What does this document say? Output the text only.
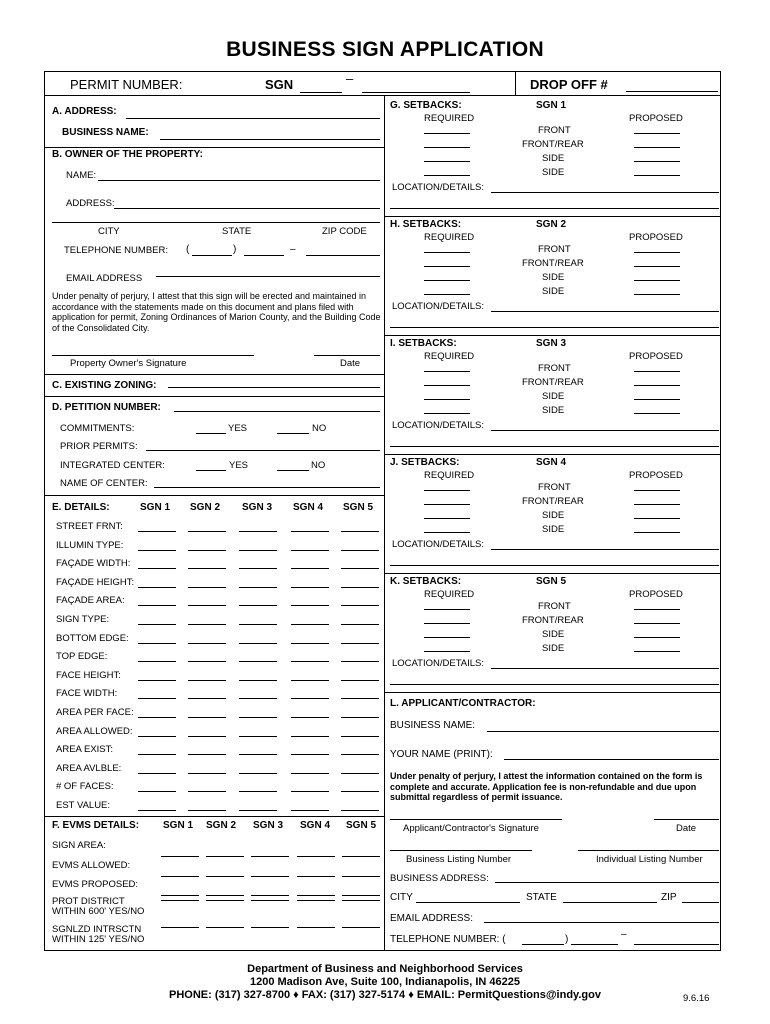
BUSINESS SIGN APPLICATION
PERMIT NUMBER:	SGN	–	DROP OFF #
A. ADDRESS:
BUSINESS NAME:
B. OWNER OF THE PROPERTY:
NAME:
ADDRESS:
CITY	STATE	ZIP CODE
TELEPHONE NUMBER: (	)	–
EMAIL ADDRESS
Under penalty of perjury, I attest that this sign will be erected and maintained in accordance with the statements made on this document and plans filed with application for permit, Zoning Ordinances of Marion County, and the Building Code of the Consolidated City.
Property Owner's Signature	Date
C. EXISTING ZONING:
D. PETITION NUMBER:
COMMITMENTS:	YES	NO
PRIOR PERMITS:
INTEGRATED CENTER:	YES	NO
NAME OF CENTER:
E. DETAILS:	SGN 1 SGN 2 SGN 3 SGN 4 SGN 5
STREET FRNT:
ILLUMIN TYPE:
FAÇADE WIDTH:
FAÇADE HEIGHT:
FAÇADE AREA:
SIGN TYPE:
BOTTOM EDGE:
TOP EDGE:
FACE HEIGHT:
FACE WIDTH:
AREA PER FACE:
AREA ALLOWED:
AREA EXIST:
AREA AVLBLE:
# OF FACES:
EST VALUE:
F. EVMS DETAILS: SGN 1 SGN 2 SGN 3 SGN 4 SGN 5
SIGN AREA:
EVMS ALLOWED:
EVMS PROPOSED:
PROT DISTRICT
WITHIN 600' YES/NO
SGNLZD INTRSCTN
WITHIN 125' YES/NO
G. SETBACKS:	SGN 1
REQUIRED	PROPOSED
FRONT
FRONT/REAR
SIDE
SIDE
LOCATION/DETAILS:
H. SETBACKS:	SGN 2
REQUIRED	PROPOSED
FRONT
FRONT/REAR
SIDE
SIDE
LOCATION/DETAILS:
I. SETBACKS:	SGN 3
REQUIRED	PROPOSED
FRONT
FRONT/REAR
SIDE
SIDE
LOCATION/DETAILS:
J. SETBACKS:	SGN 4
REQUIRED	PROPOSED
FRONT
FRONT/REAR
SIDE
SIDE
LOCATION/DETAILS:
K. SETBACKS:	SGN 5
REQUIRED	PROPOSED
FRONT
FRONT/REAR
SIDE
SIDE
LOCATION/DETAILS:
L. APPLICANT/CONTRACTOR:
BUSINESS NAME:
YOUR NAME (PRINT):
Under penalty of perjury, I attest the information contained on the form is complete and accurate. Application fee is non-refundable and due upon submittal regardless of permit issuance.
Applicant/Contractor's Signature	Date
Business Listing Number	Individual Listing Number
BUSINESS ADDRESS:
CITY	STATE	ZIP
EMAIL ADDRESS:
TELEPHONE NUMBER: (	)	–
Department of Business and Neighborhood Services
1200 Madison Ave, Suite 100, Indianapolis, IN 46225
PHONE: (317) 327-8700 ♦ FAX: (317) 327-5174 ♦ EMAIL: PermitQuestions@indy.gov	9.6.16
